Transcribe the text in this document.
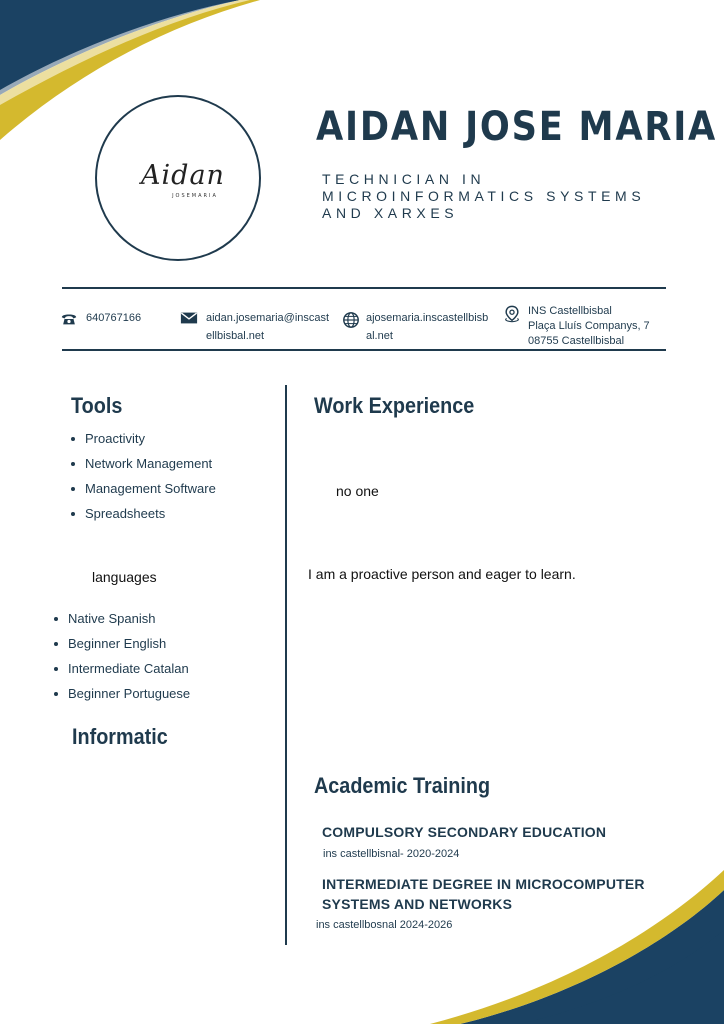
Aidan
JOSEMARIA
AIDAN JOSE MARIA
TECHNICIAN IN
MICROINFORMATICS SYSTEMS
AND XARXES
640767166	aidan.josemaria@inscast
ellbisbal.net
ajosemaria.inscastellbisb
al.net
INS Castellbisbal
Plaça Lluís Companys, 7
08755 Castellbisbal
Tools
Proactivity
Network Management
Management Software
Spreadsheets
languages
Native Spanish
Beginner English
Intermediate Catalan
Beginner Portuguese
Informatic
Work Experience
no one
I am a proactive person and eager to learn.
Academic Training
COMPULSORY SECONDARY EDUCATION
ins castellbisnal- 2020-2024
INTERMEDIATE DEGREE IN MICROCOMPUTER
SYSTEMS AND NETWORKS
ins castellbosnal 2024-2026
